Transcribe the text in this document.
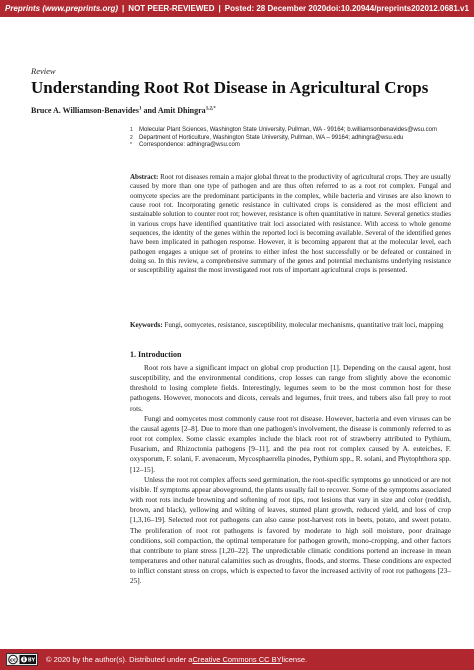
Preprints (www.preprints.org) | NOT PEER-REVIEWED | Posted: 28 December 2020 doi:10.20944/preprints202012.0681.v1
Review
Understanding Root Rot Disease in Agricultural Crops
Bruce A. Williamson-Benavides$^1$ and Amit Dhingra$^{1,2,*}$
1	Molecular Plant Sciences, Washington State University, Pullman, WA - 99164; b.williamsonbenavides@wsu.com
2	Department of Horticulture, Washington State University, Pullman, WA – 99164; adhingra@wsu.edu
*	Correspondence: adhingra@wsu.com
Abstract: Root rot diseases remain a major global threat to the productivity of agricultural crops. They are usually caused by more than one type of pathogen and are thus often referred to as a root rot complex. Fungal and oomycete species are the predominant participants in the complex, while bacteria and viruses are also known to cause root rot. Incorporating genetic resistance in cultivated crops is considered as the most efficient and sustainable solution to counter root rot; however, resistance is often quantitative in nature. Several genetics studies in various crops have identified quantitative trait loci associated with resistance. With access to whole genome sequences, the identity of the genes within the reported loci is becoming available. Several of the identified genes have been implicated in pathogen response. However, it is becoming apparent that at the molecular level, each pathogen engages a unique set of proteins to either infest the host successfully or be defeated or contained in doing so. In this review, a comprehensive summary of the genes and potential mechanisms underlying resistance or susceptibility against the most investigated root rots of important agricultural crops is presented.
Keywords: Fungi, oomycetes, resistance, susceptibility, molecular mechanisms, quantitative trait loci, mapping
1. Introduction

Root rots have a significant impact on global crop production [1]. Depending on the causal agent, host susceptibility, and the environmental conditions, crop losses can range from slightly above the economic threshold to losing complete fields. Interestingly, legumes seem to be the most common host for these pathogens. However, monocots and dicots, cereals and legumes, fruit trees, and tubers also fall prey to root rots.

Fungi and oomycetes most commonly cause root rot disease. However, bacteria and even viruses can be the causal agents [2–8]. Due to more than one pathogen's involvement, the disease is commonly referred to as root rot complex. Some classic examples include the black root rot of strawberry attributed to Pythium, Fusarium, and Rhizoctonia pathogens [9–11], and the pea root rot complex caused by A. euteiches, F. oxysporum, F. solani, F. avenaceum, Mycosphaerella pinodes, Pythium spp., R. solani, and Phytophthora spp. [12–15].

Unless the root rot complex affects seed germination, the root-specific symptoms go unnoticed or are not visible. If symptoms appear aboveground, the plants usually fail to recover. Some of the symptoms associated with root rots include browning and softening of root tips, root lesions that vary in size and color (reddish, brown, and black), yellowing and wilting of leaves, stunted plant growth, reduced yield, and loss of crop [1,3,16–19]. Selected root rot pathogens can also cause post-harvest rots in beets, potato, and sweet potato. The proliferation of root rot pathogens is favored by moderate to high soil moisture, poor drainage conditions, soil compaction, the optimal temperature for pathogen growth, mono-cropping, and other factors that contribute to plant stress [1,20–22]. The unpredictable climatic conditions portend an increase in mean temperatures and other natural calamities such as droughts, floods, and storms. These conditions are expected to inflict constant stress on crops, which is expected to favor the increased activity of root rot pathogens [23–25].

cc BY © 2020 by the author(s). Distributed under a Creative Commons CC BY license.
